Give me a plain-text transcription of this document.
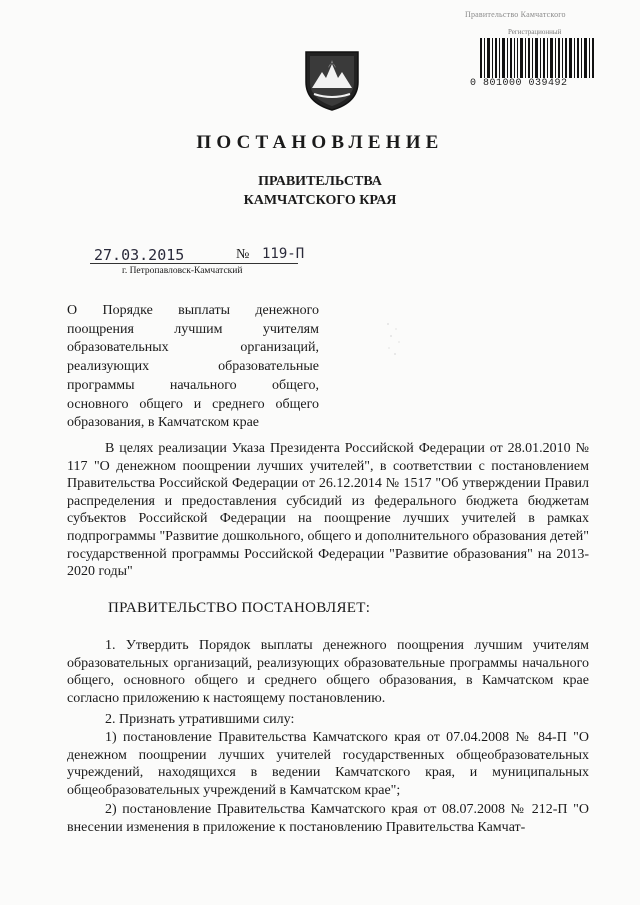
Правительство Камчатского
Регистрационный
0 801000 039492
ПОСТАНОВЛЕНИЕ
ПРАВИТЕЛЬСТВА
КАМЧАТСКОГО КРАЯ
27.03.2015	№ 119-П
г. Петропавловск-Камчатский
О Порядке выплаты денежного поощрения лучшим учителям образовательных организаций, реализующих образовательные программы начального общего, основного общего и среднего общего образования, в Камчатском крае
В целях реализации Указа Президента Российской Федерации от 28.01.2010 № 117 "О денежном поощрении лучших учителей", в соответствии с постановлением Правительства Российской Федерации от 26.12.2014 № 1517 "Об утверждении Правил распределения и предоставления субсидий из федерального бюджета бюджетам субъектов Российской Федерации на поощрение лучших учителей в рамках подпрограммы "Развитие дошкольного, общего и дополнительного образования детей" государственной программы Российской Федерации "Развитие образования" на 2013-2020 годы"
ПРАВИТЕЛЬСТВО ПОСТАНОВЛЯЕТ:
1. Утвердить Порядок выплаты денежного поощрения лучшим учителям образовательных организаций, реализующих образовательные программы начального общего, основного общего и среднего общего образования, в Камчатском крае согласно приложению к настоящему постановлению.
2. Признать утратившими силу:
1) постановление Правительства Камчатского края от 07.04.2008 № 84-П "О денежном поощрении лучших учителей государственных общеобразовательных учреждений, находящихся в ведении Камчатского края, и муниципальных общеобразовательных учреждений в Камчатском крае";
2) постановление Правительства Камчатского края от 08.07.2008 № 212-П "О внесении изменения в приложение к постановлению Правительства Камчат-
